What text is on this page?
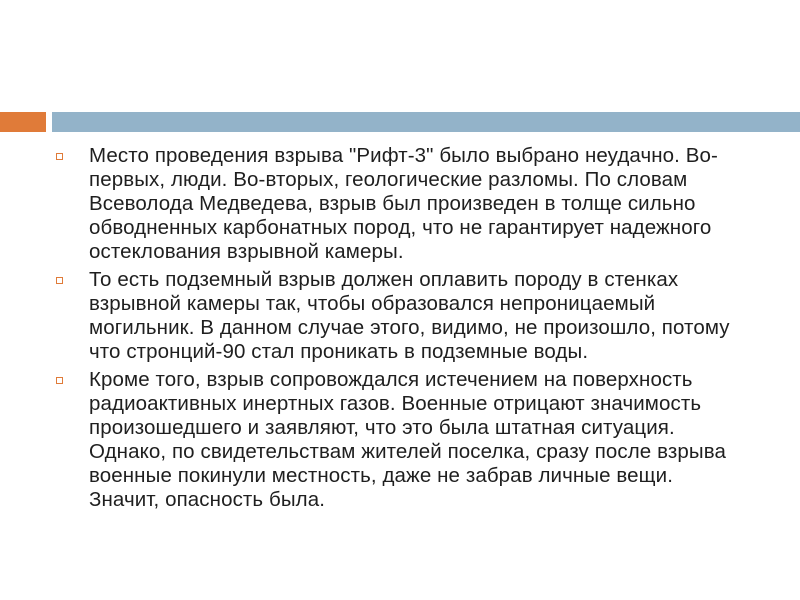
Место проведения взрыва "Рифт-3" было выбрано неудачно. Во-первых, люди. Во-вторых, геологические разломы. По словам Всеволода Медведева, взрыв был произведен в толще сильно обводненных карбонатных пород, что не гарантирует надежного остеклования взрывной камеры.
То есть подземный взрыв должен оплавить породу в стенках взрывной камеры так, чтобы образовался непроницаемый могильник. В данном случае этого, видимо, не произошло, потому что стронций-90 стал проникать в подземные воды.
Кроме того, взрыв сопровождался истечением на поверхность радиоактивных инертных газов. Военные отрицают значимость произошедшего и заявляют, что это была штатная ситуация. Однако, по свидетельствам жителей поселка, сразу после взрыва военные покинули местность, даже не забрав личные вещи. Значит, опасность была.
